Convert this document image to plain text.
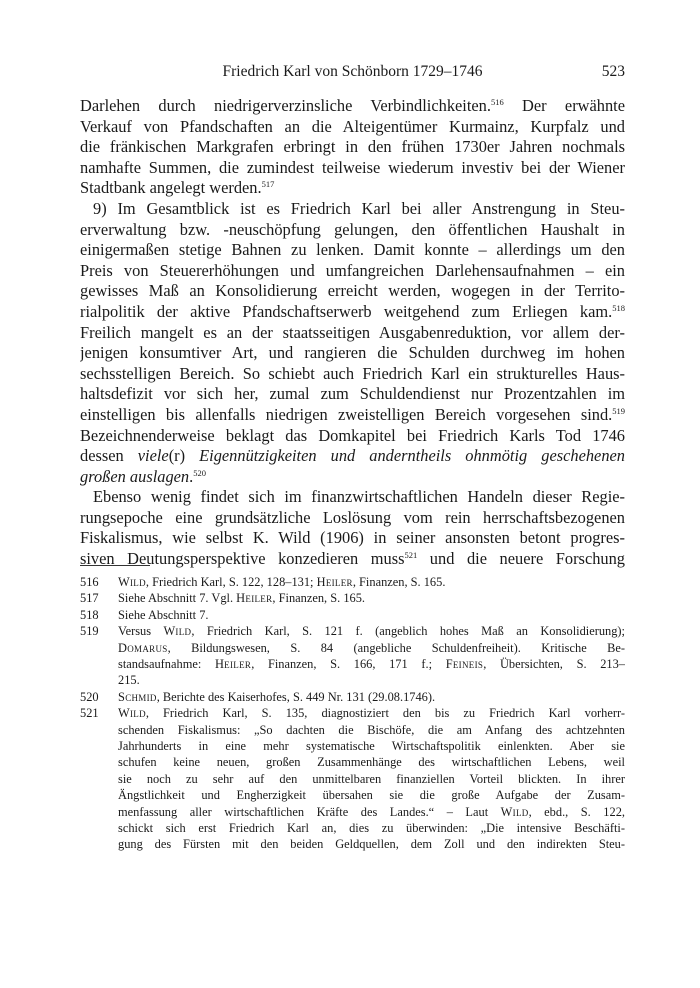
Friedrich Karl von Schönborn 1729–1746	523
Darlehen durch niedrigerverzinsliche Verbindlichkeiten.$^{516}$ Der erwähnte
Verkauf von Pfandschaften an die Alteigentümer Kurmainz, Kurpfalz und
die fränkischen Markgrafen erbringt in den frühen 1730er Jahren nochmals
namhafte Summen, die zumindest teilweise wiederum investiv bei der Wiener
Stadtbank angelegt werden.$^{517}$
9) Im Gesamtblick ist es Friedrich Karl bei aller Anstrengung in Steu-
erverwaltung bzw. -neuschöpfung gelungen, den öffentlichen Haushalt in
einigermaßen stetige Bahnen zu lenken. Damit konnte – allerdings um den
Preis von Steuererhöhungen und umfangreichen Darlehensaufnahmen – ein
gewisses Maß an Konsolidierung erreicht werden, wogegen in der Territo-
rialpolitik der aktive Pfandschaftserwerb weitgehend zum Erliegen kam.$^{518}$
Freilich mangelt es an der staatsseitigen Ausgabenreduktion, vor allem der-
jenigen konsumtiver Art, und rangieren die Schulden durchweg im hohen
sechsstelligen Bereich. So schiebt auch Friedrich Karl ein strukturelles Haus-
haltsdefizit vor sich her, zumal zum Schuldendienst nur Prozentzahlen im
einstelligen bis allenfalls niedrigen zweistelligen Bereich vorgesehen sind.$^{519}$
Bezeichnenderweise beklagt das Domkapitel bei Friedrich Karls Tod 1746
dessen viele(r) Eigennützigkeiten und anderntheils ohnmötig geschehenen
großen auslagen.$^{520}$
Ebenso wenig findet sich im finanzwirtschaftlichen Handeln dieser Regie-
rungsepoche eine grundsätzliche Loslösung vom rein herrschaftsbezogenen
Fiskalismus, wie selbst K. Wild (1906) in seiner ansonsten betont progres-
siven Deutungsperspektive konzedieren muss$^{521}$ und die neuere Forschung
516	Wild, Friedrich Karl, S. 122, 128–131; Heiler, Finanzen, S. 165.
517	Siehe Abschnitt 7. Vgl. Heiler, Finanzen, S. 165.
518	Siehe Abschnitt 7.
519	Versus Wild, Friedrich Karl, S. 121 f. (angeblich hohes Maß an Konsolidierung);
Domarus, Bildungswesen, S. 84 (angebliche Schuldenfreiheit). Kritische Be-
standsaufnahme: Heiler, Finanzen, S. 166, 171 f.; Feineis, Übersichten, S. 213–
215.
520	Schmid, Berichte des Kaiserhofes, S. 449 Nr. 131 (29.08.1746).
521	Wild, Friedrich Karl, S. 135, diagnostiziert den bis zu Friedrich Karl vorherr-
schenden Fiskalismus: „So dachten die Bischöfe, die am Anfang des achtzehnten
Jahrhunderts in eine mehr systematische Wirtschaftspolitik einlenkten. Aber sie
schufen keine neuen, großen Zusammenhänge des wirtschaftlichen Lebens, weil
sie noch zu sehr auf den unmittelbaren finanziellen Vorteil blickten. In ihrer
Ängstlichkeit und Engherzigkeit übersahen sie die große Aufgabe der Zusam-
menfassung aller wirtschaftlichen Kräfte des Landes.“ – Laut Wild, ebd., S. 122,
schickt sich erst Friedrich Karl an, dies zu überwinden: „Die intensive Beschäfti-
gung des Fürsten mit den beiden Geldquellen, dem Zoll und den indirekten Steu-
